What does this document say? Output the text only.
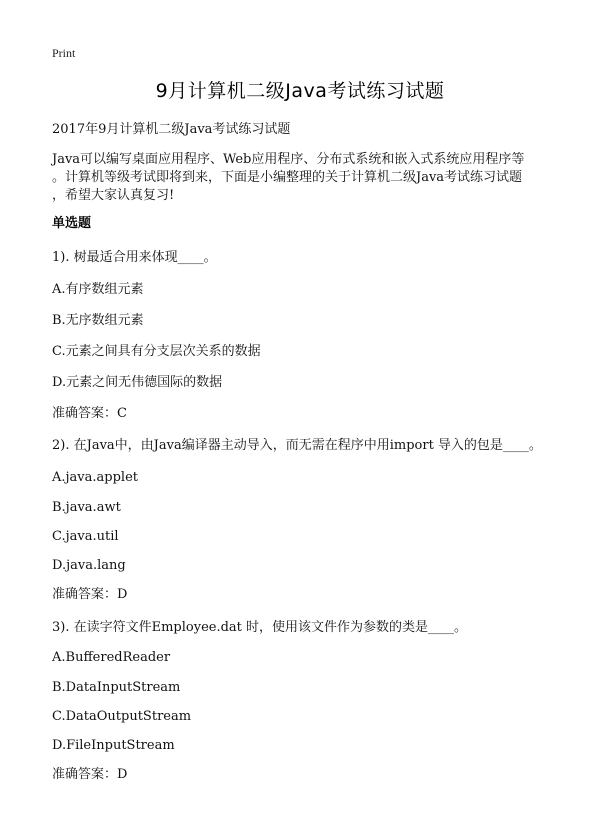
Print
9月计算机二级Java考试练习试题
2017年9月计算机二级Java考试练习试题
Java可以编写桌面应用程序、Web应用程序、分布式系统和嵌入式系统应用程序等
。计算机等级考试即将到来，下面是小编整理的关于计算机二级Java考试练习试题
，希望大家认真复习!
单选题
1). 树最适合用来体现____。
A.有序数组元素
B.无序数组元素
C.元素之间具有分支层次关系的数据
D.元素之间无伟德国际的数据
准确答案：C
2). 在Java中，由Java编译器主动导入，而无需在程序中用import 导入的包是____。
A.java.applet
B.java.awt
C.java.util
D.java.lang
准确答案：D
3). 在读字符文件Employee.dat 时，使用该文件作为参数的类是____。
A.BufferedReader
B.DataInputStream
C.DataOutputStream
D.FileInputStream
准确答案：D
